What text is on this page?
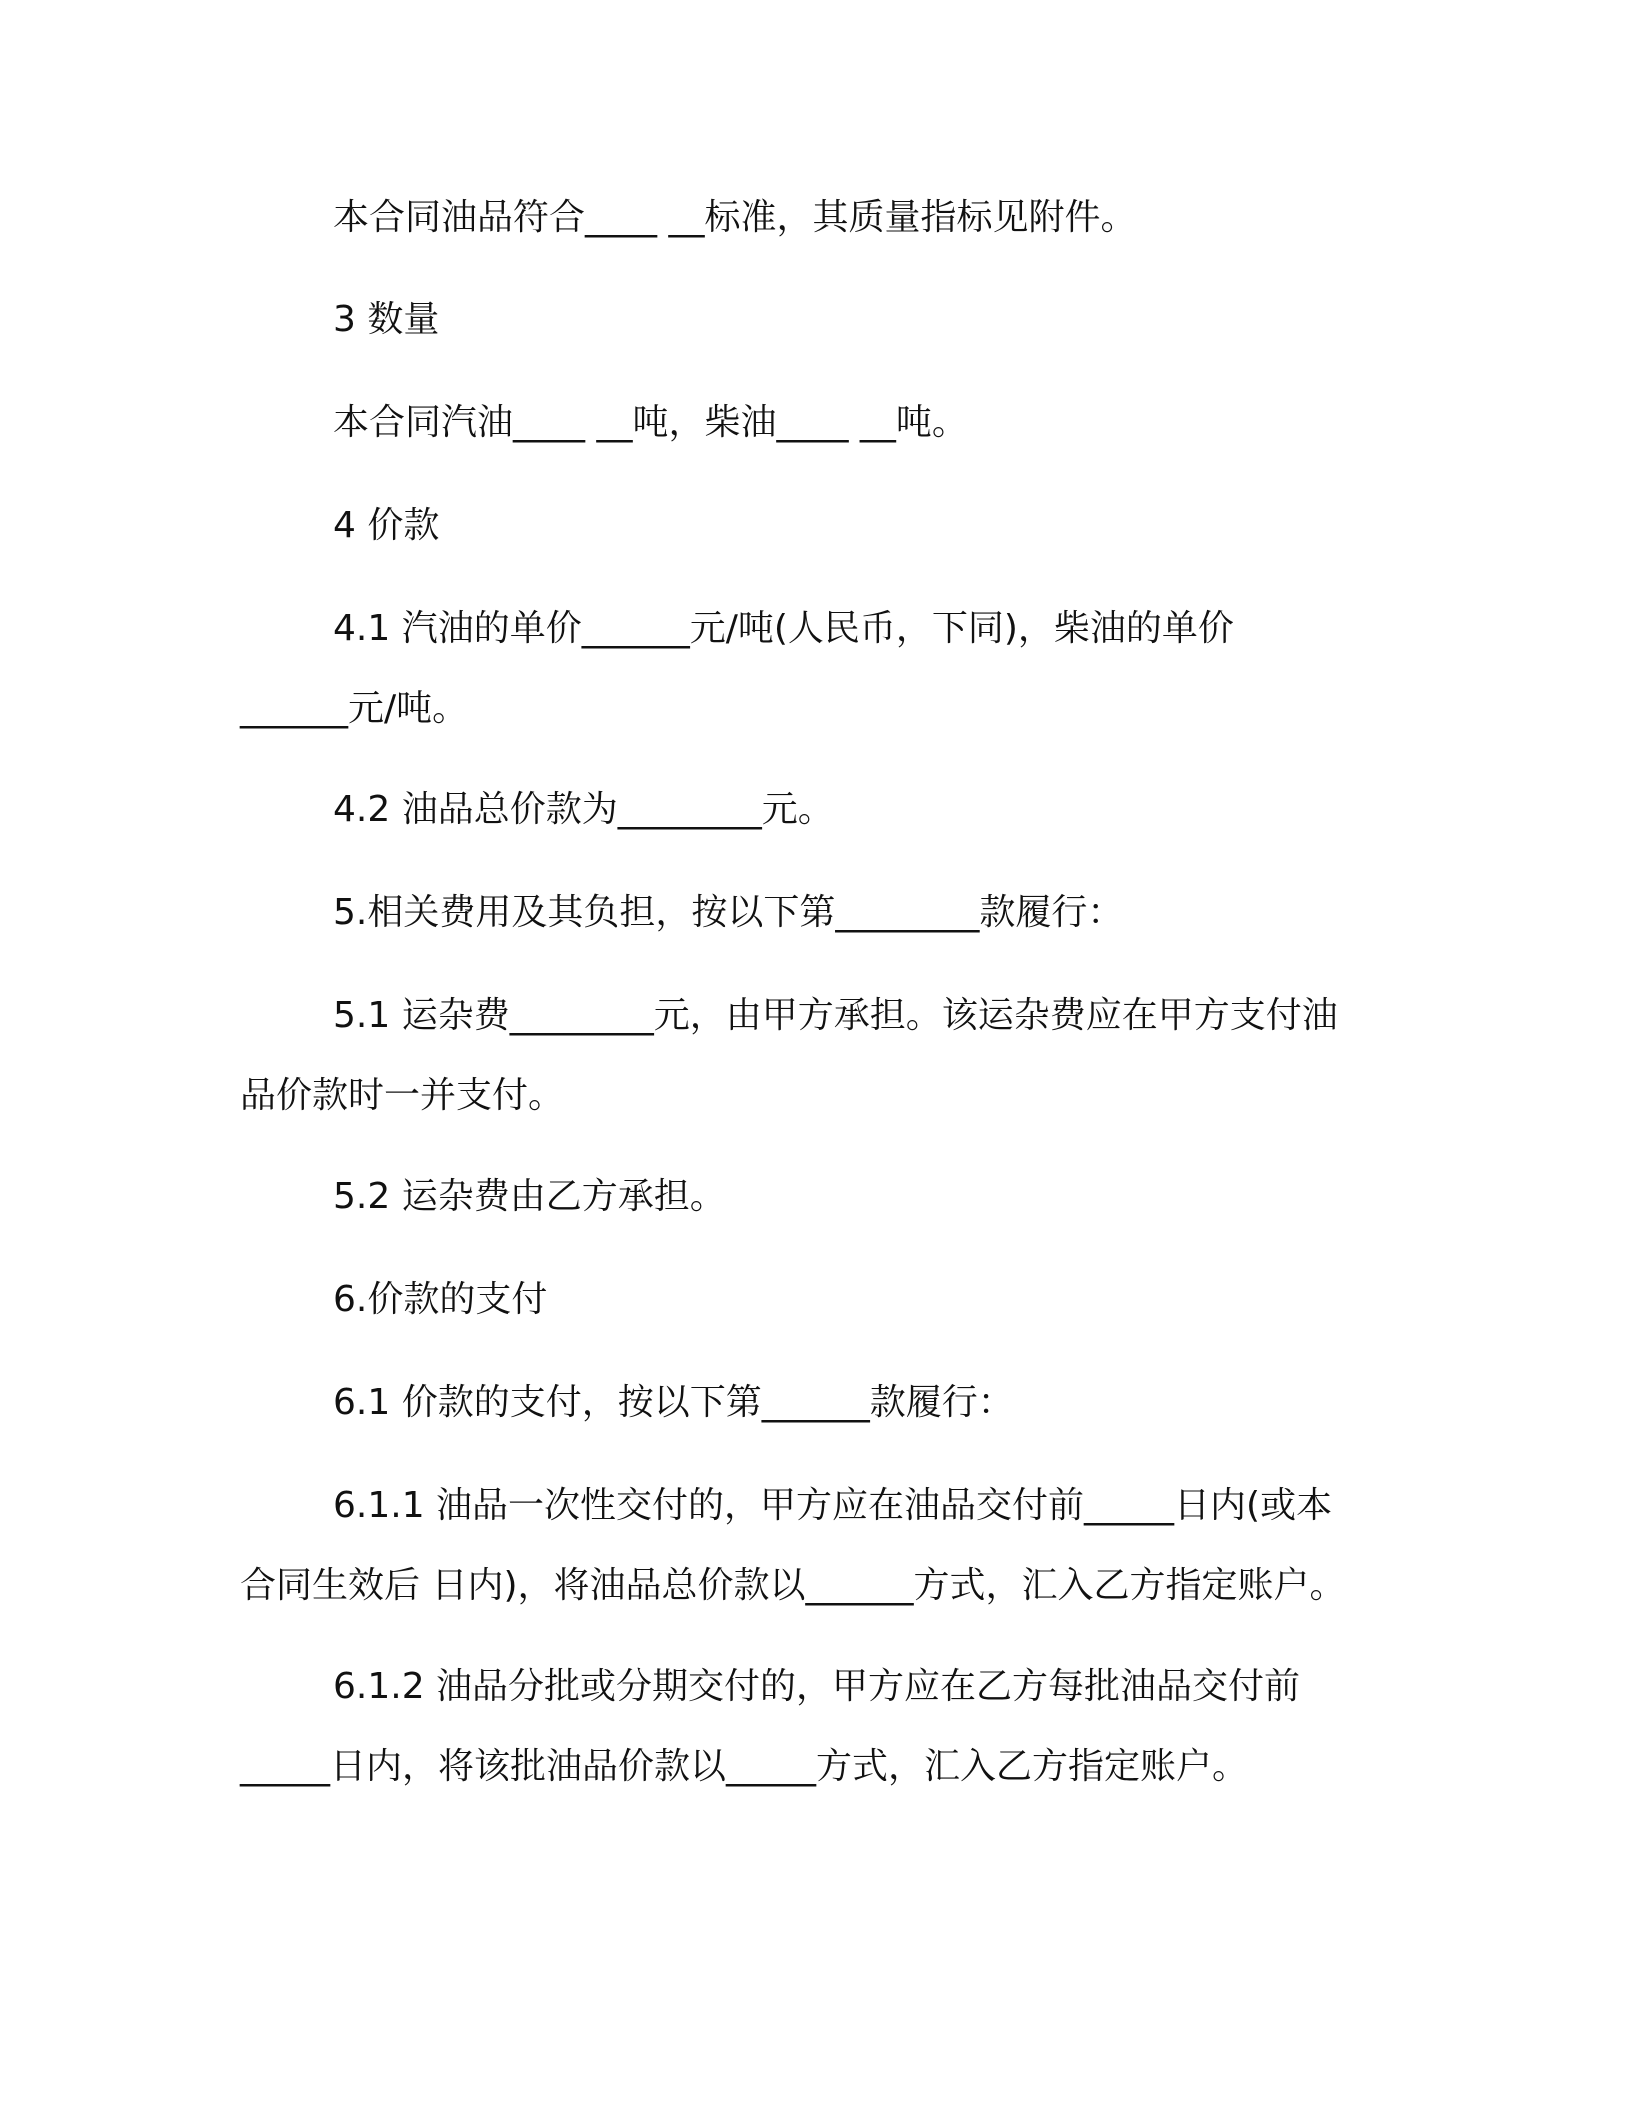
本合同油品符合____ __标准，其质量指标见附件。

3 数量

本合同汽油____ __吨，柴油____ __吨。

4 价款

4.1 汽油的单价______元/吨(人民币，下同)，柴油的单价

______元/吨。

4.2 油品总价款为________元。

5.相关费用及其负担，按以下第________款履行：

5.1 运杂费________元，由甲方承担。该运杂费应在甲方支付油

品价款时一并支付。

5.2 运杂费由乙方承担。

6.价款的支付

6.1 价款的支付，按以下第______款履行：

6.1.1 油品一次性交付的，甲方应在油品交付前_____日内(或本

合同生效后 日内)，将油品总价款以______方式，汇入乙方指定账户。

6.1.2 油品分批或分期交付的，甲方应在乙方每批油品交付前

_____日内，将该批油品价款以_____方式，汇入乙方指定账户。
